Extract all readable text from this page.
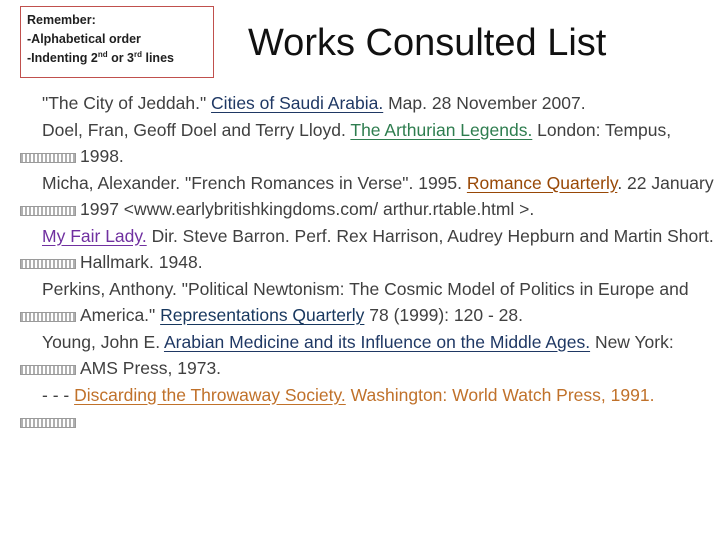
Remember:
-Alphabetical order
-Indenting 2nd or 3rd lines	Works Consulted List
"The City of Jeddah." Cities of Saudi Arabia. Map. 28 November 2007.
Doel, Fran, Geoff Doel and Terry Lloyd. The Arthurian Legends. London: Tempus, 1998.
Micha, Alexander. "French Romances in Verse". 1995. Romance Quarterly. 22 January 1997 <www.earlybritishkingdoms.com/ arthur.rtable.html >.
My Fair Lady. Dir. Steve Barron. Perf. Rex Harrison, Audrey Hepburn and Martin Short. Hallmark. 1948.
Perkins, Anthony. "Political Newtonism: The Cosmic Model of Politics in Europe and America." Representations Quarterly 78 (1999): 120 - 28.
Young, John E. Arabian Medicine and its Influence on the Middle Ages. New York: AMS Press, 1973.
- - - Discarding the Throwaway Society. Washington: World Watch Press, 1991.
